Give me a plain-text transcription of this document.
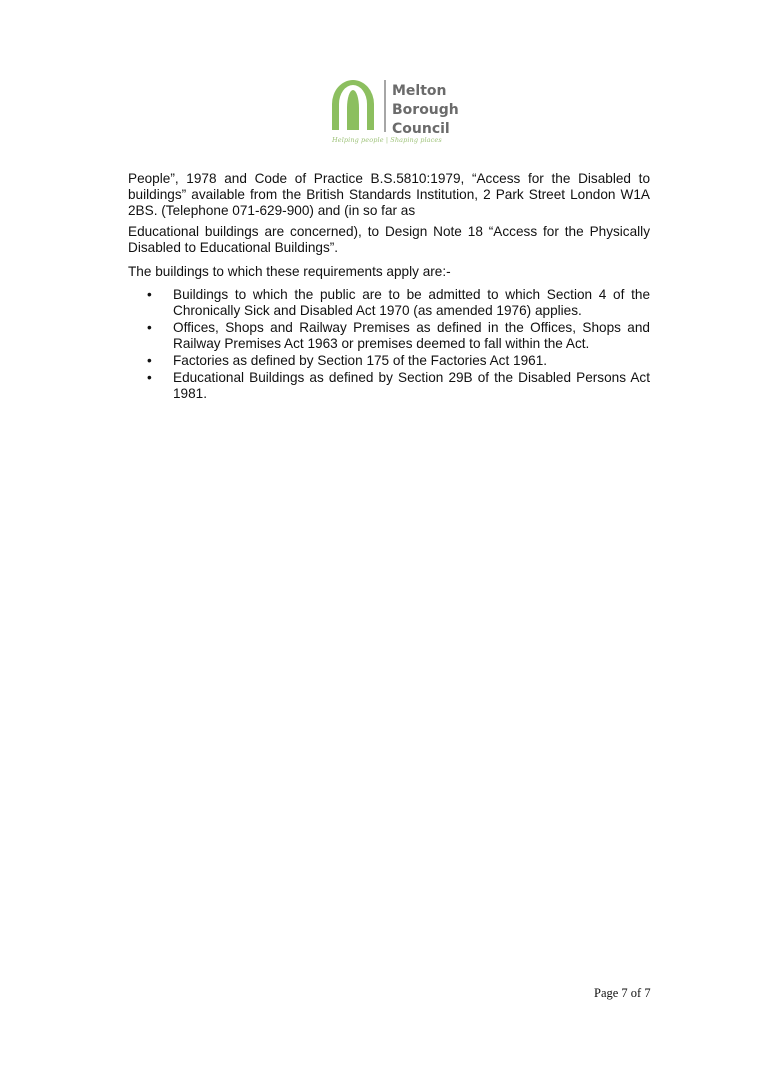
Melton
Borough
Council
Helping people | Shaping places

People”, 1978 and Code of Practice B.S.5810:1979, “Access for the Disabled to buildings” available from the British Standards Institution, 2 Park Street London W1A 2BS. (Telephone 071-629-900) and (in so far as

Educational buildings are concerned), to Design Note 18 “Access for the Physically Disabled to Educational Buildings”.

The buildings to which these requirements apply are:-

• Buildings to which the public are to be admitted to which Section 4 of the Chronically Sick and Disabled Act 1970 (as amended 1976) applies.
• Offices, Shops and Railway Premises as defined in the Offices, Shops and Railway Premises Act 1963 or premises deemed to fall within the Act.
• Factories as defined by Section 175 of the Factories Act 1961.
• Educational Buildings as defined by Section 29B of the Disabled Persons Act 1981.
Page 7 of 7
